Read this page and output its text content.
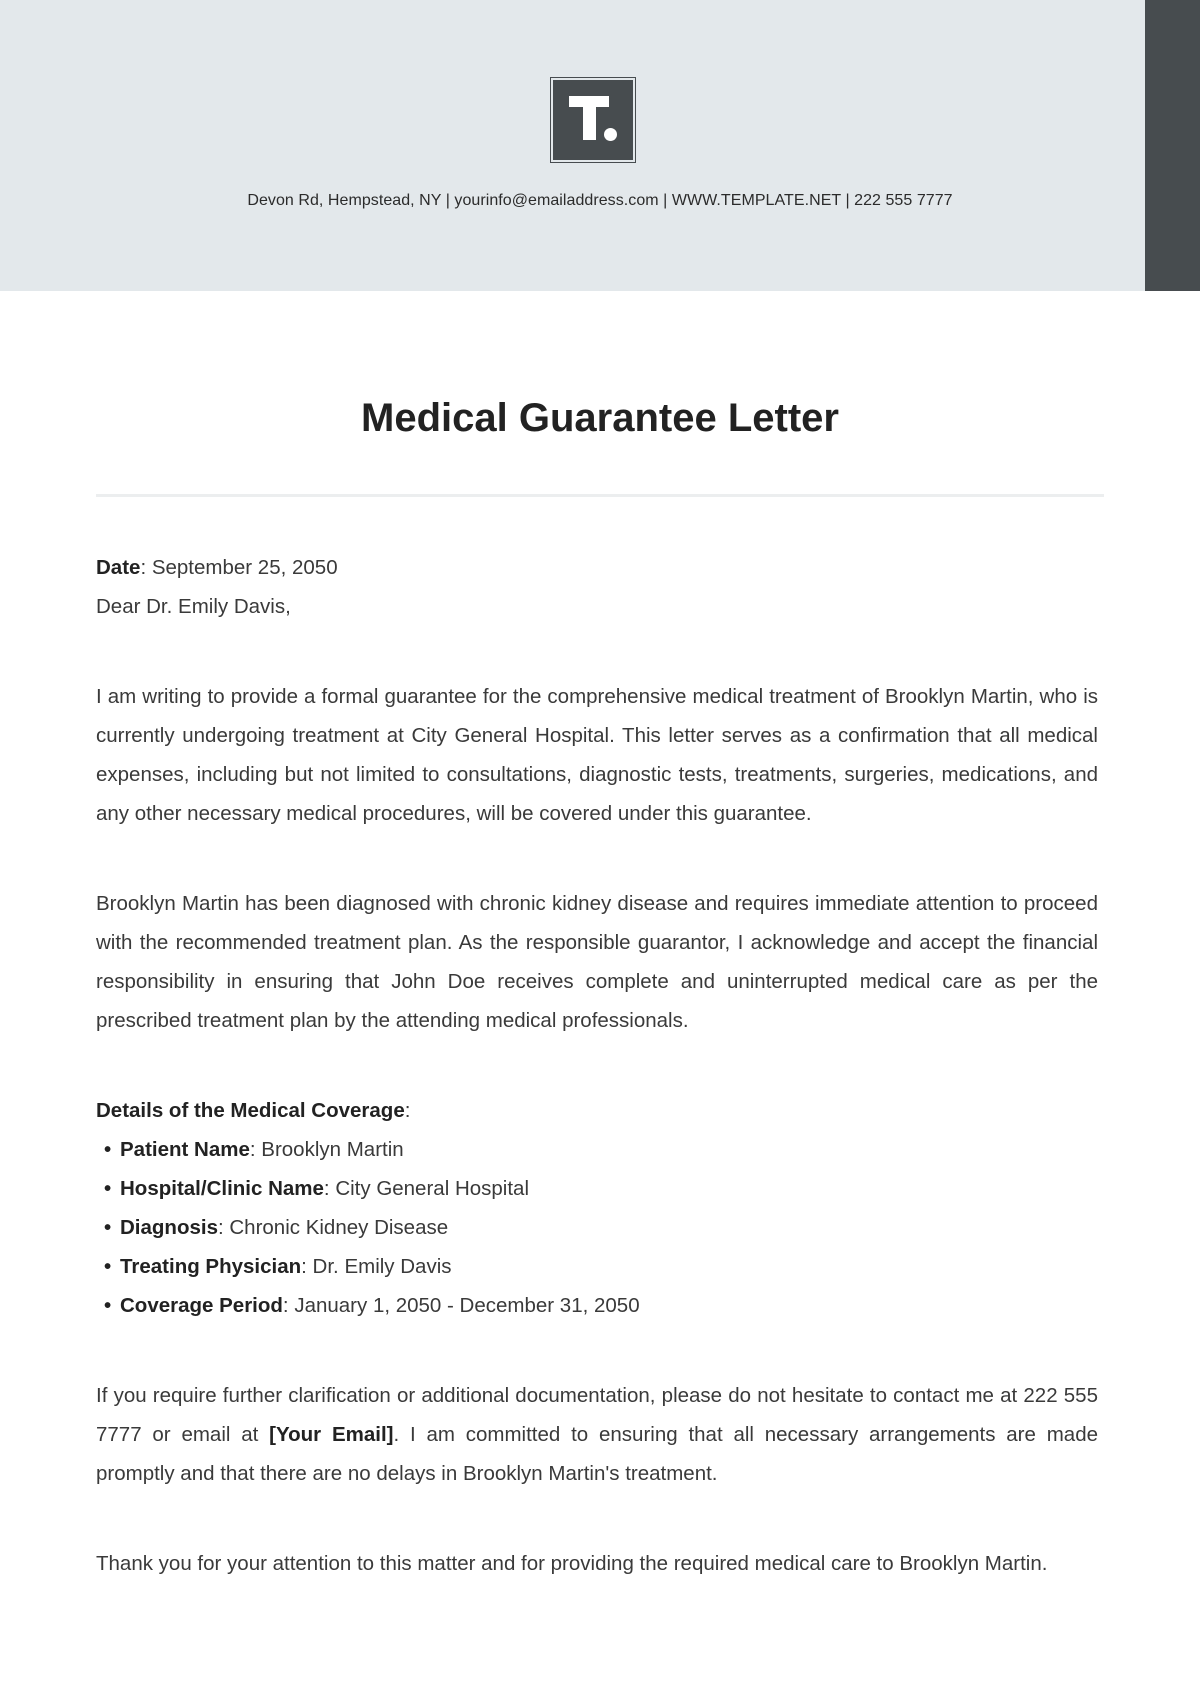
Devon Rd, Hempstead, NY | yourinfo@emailaddress.com | WWW.TEMPLATE.NET | 222 555 7777
Medical Guarantee Letter

Date: September 25, 2050

Dear Dr. Emily Davis,

I am writing to provide a formal guarantee for the comprehensive medical treatment of Brooklyn Martin, who is currently undergoing treatment at City General Hospital. This letter serves as a confirmation that all medical expenses, including but not limited to consultations, diagnostic tests, treatments, surgeries, medications, and any other necessary medical procedures, will be covered under this guarantee.

Brooklyn Martin has been diagnosed with chronic kidney disease and requires immediate attention to proceed with the recommended treatment plan. As the responsible guarantor, I acknowledge and accept the financial responsibility in ensuring that John Doe receives complete and uninterrupted medical care as per the prescribed treatment plan by the attending medical professionals.

Details of the Medical Coverage:

• Patient Name: Brooklyn Martin
• Hospital/Clinic Name: City General Hospital
• Diagnosis: Chronic Kidney Disease
• Treating Physician: Dr. Emily Davis
• Coverage Period: January 1, 2050 - December 31, 2050

If you require further clarification or additional documentation, please do not hesitate to contact me at 222 555 7777 or email at [Your Email]. I am committed to ensuring that all necessary arrangements are made promptly and that there are no delays in Brooklyn Martin's treatment.

Thank you for your attention to this matter and for providing the required medical care to Brooklyn Martin.
